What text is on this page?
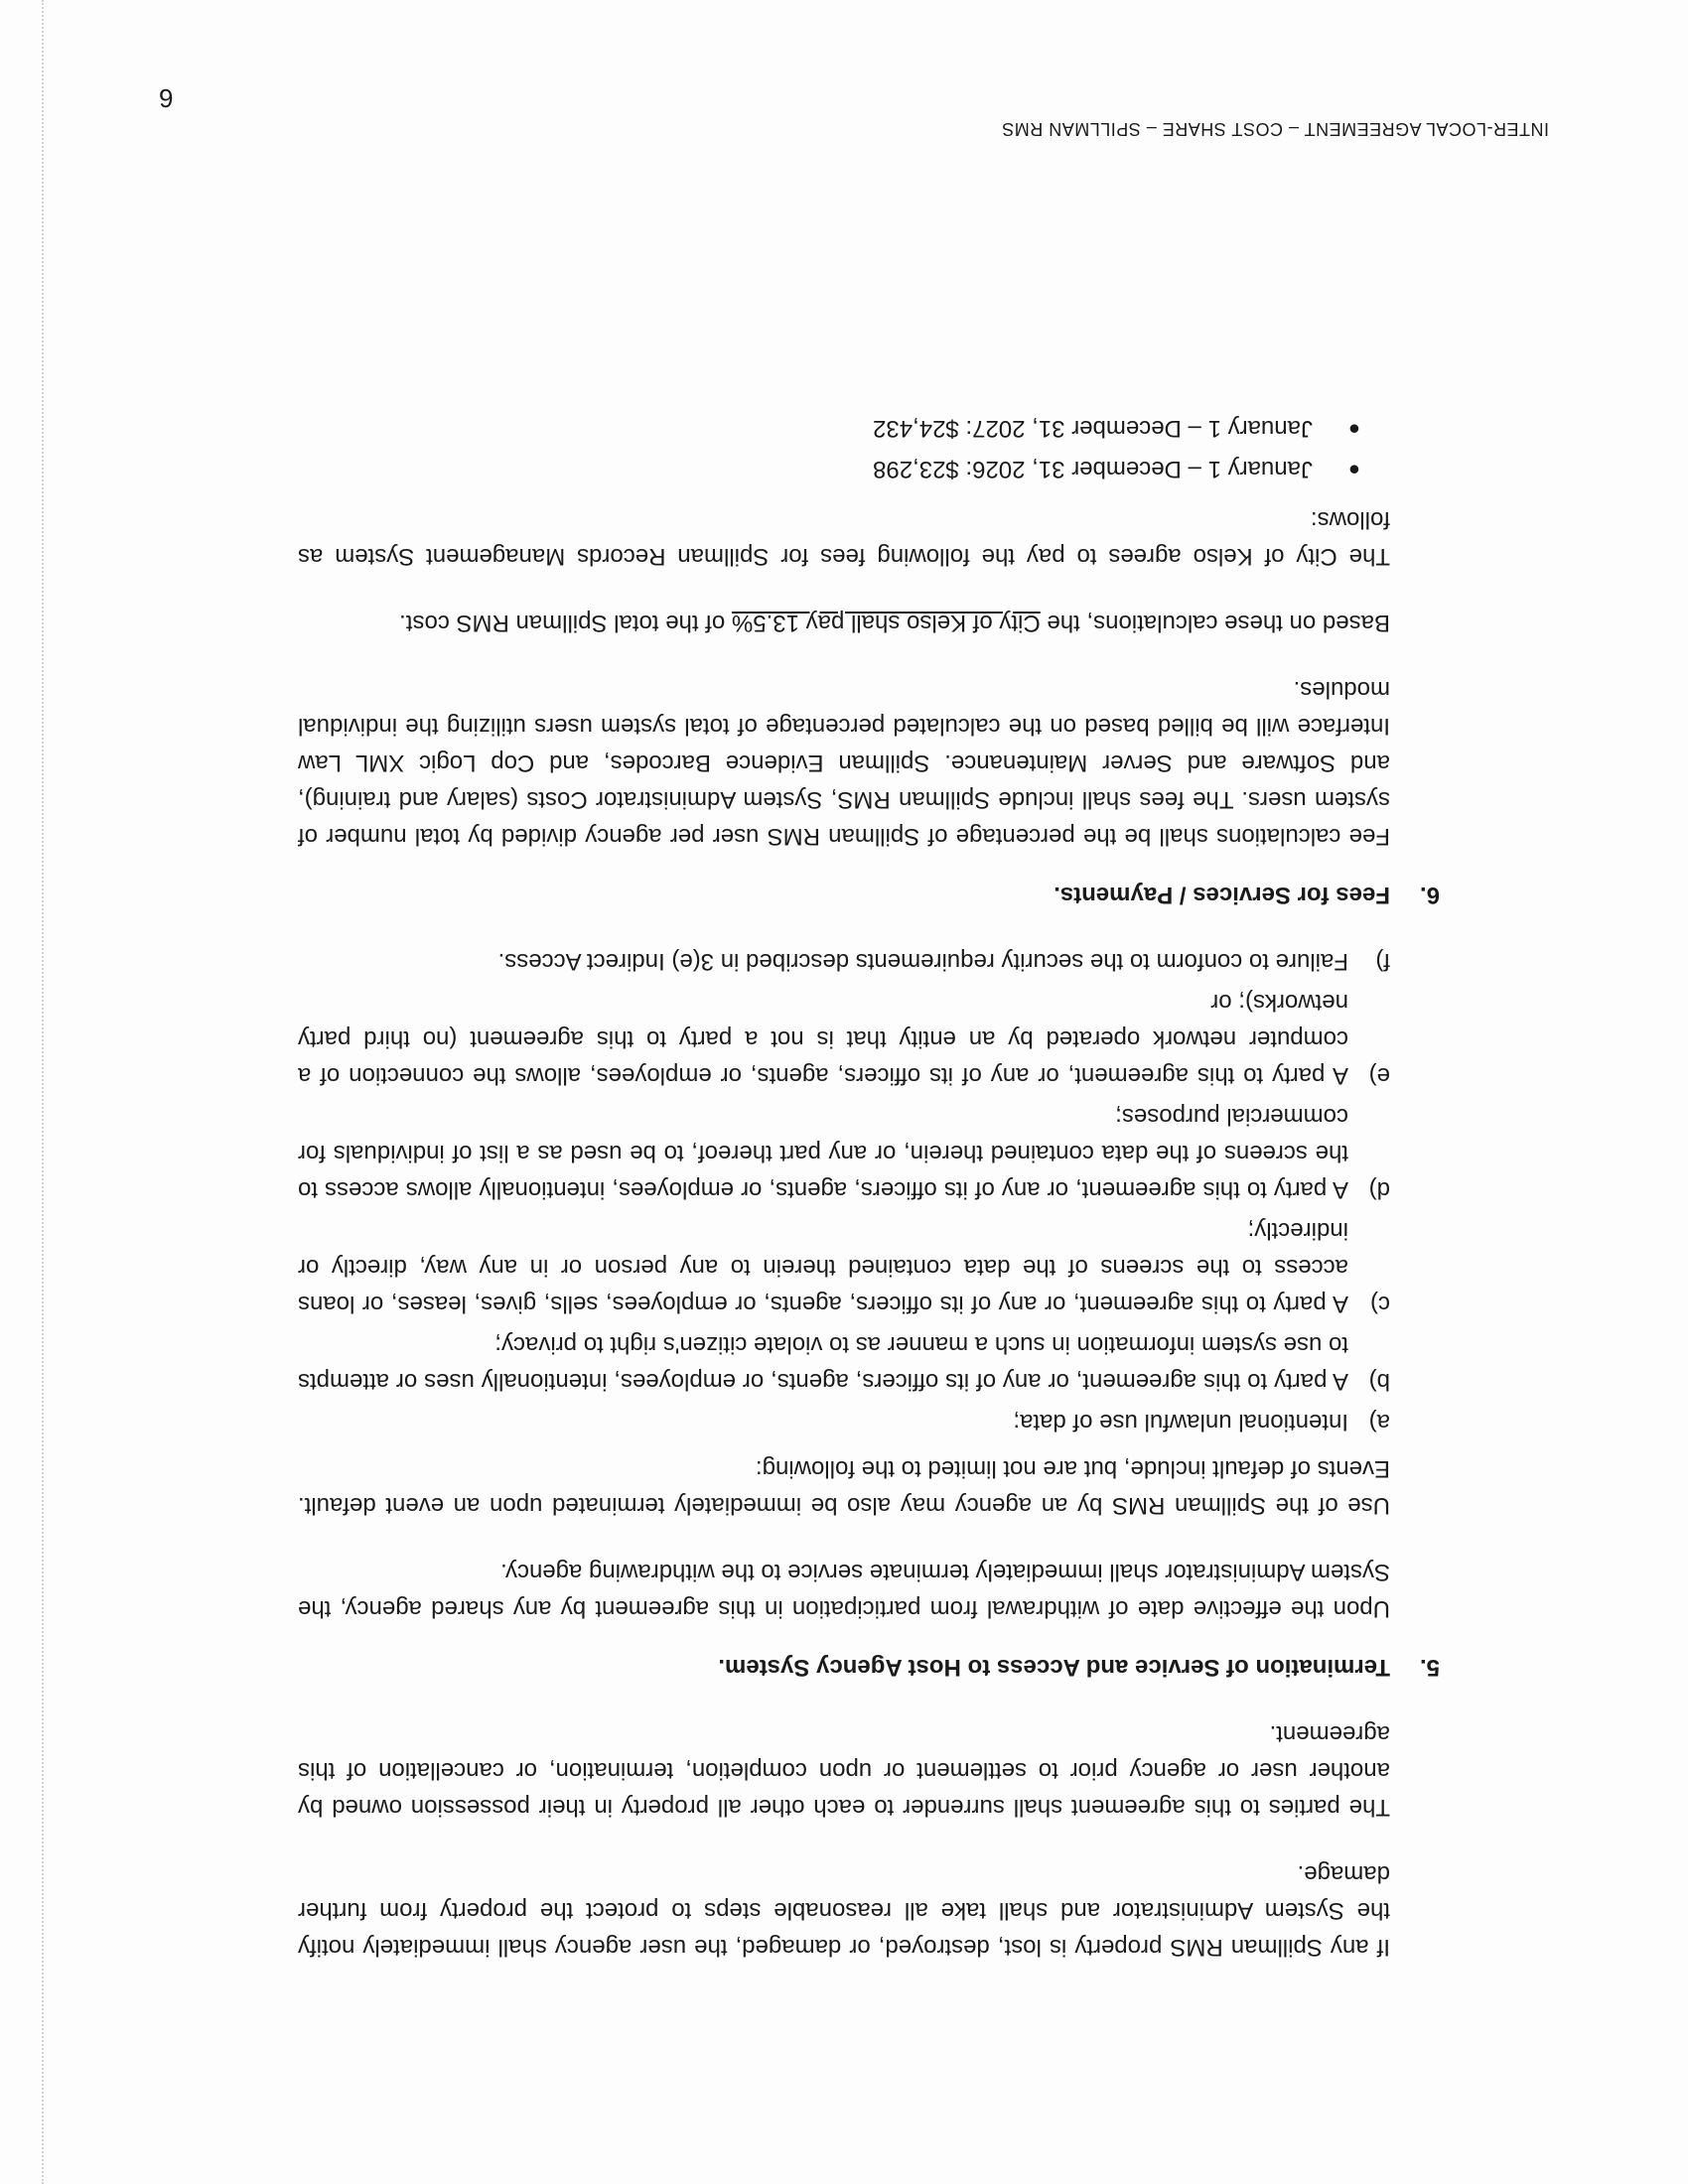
INTER-LOCAL AGREEMENT – COST SHARE – SPILLMAN RMS
6

If any Spillman RMS property is lost, destroyed, or damaged, the user agency shall immediately notify the System Administrator and shall take all reasonable steps to protect the property from further damage.

The parties to this agreement shall surrender to each other all property in their possession owned by another user or agency prior to settlement or upon completion, termination, or cancellation of this agreement.

5.
Termination of Service and Access to Host Agency System.

Upon the effective date of withdrawal from participation in this agreement by any shared agency, the System Administrator shall immediately terminate service to the withdrawing agency.

Use of the Spillman RMS by an agency may also be immediately terminated upon an event default. Events of default include, but are not limited to the following:

a)
Intentional unlawful use of data;
b)
A party to this agreement, or any of its officers, agents, or employees, intentionally uses or attempts to use system information in such a manner as to violate citizen's right to privacy;
c)
A party to this agreement, or any of its officers, agents, or employees, sells, gives, leases, or loans access to the screens of the data contained therein to any person or in any way, directly or indirectly;
d)
A party to this agreement, or any of its officers, agents, or employees, intentionally allows access to the screens of the data contained therein, or any part thereof, to be used as a list of individuals for commercial purposes;
e)
A party to this agreement, or any of its officers, agents, or employees, allows the connection of a computer network operated by an entity that is not a party to this agreement (no third party networks); or
f)
Failure to conform to the security requirements described in 3(e) Indirect Access.
6.
Fees for Services / Payments.

Fee calculations shall be the percentage of Spillman RMS user per agency divided by total number of system users. The fees shall include Spillman RMS, System Administrator Costs (salary and training), and Software and Server Maintenance. Spillman Evidence Barcodes, and Cop Logic XML Law Interface will be billed based on the calculated percentage of total system users utilizing the individual modules.

Based on these calculations, the City of Kelso shall pay 13.5% of the total Spillman RMS cost.

The City of Kelso agrees to pay the following fees for Spillman Records Management System as follows:

●
January 1 – December 31, 2026: $23,298
●
January 1 – December 31, 2027: $24,432
